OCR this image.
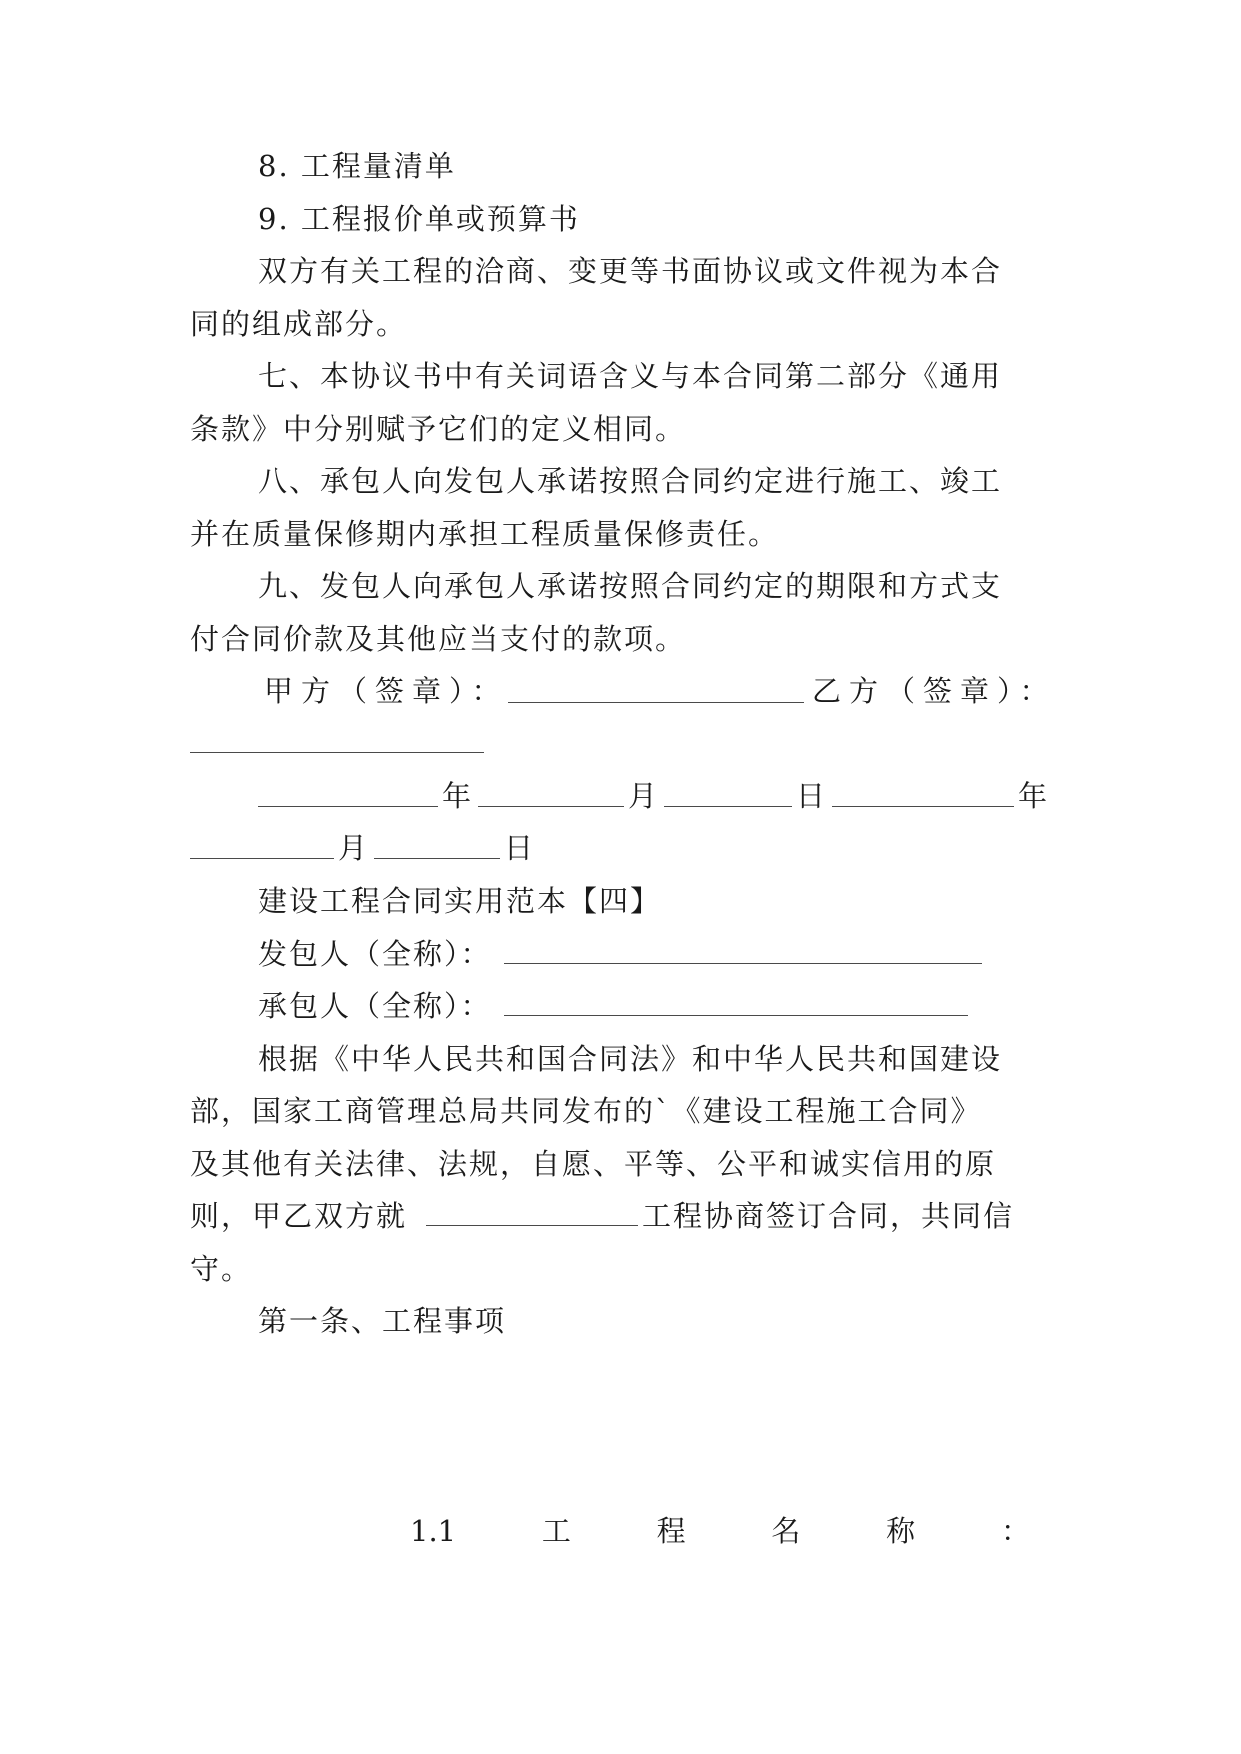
8. 工程量清单
9. 工程报价单或预算书
双方有关工程的洽商、变更等书面协议或文件视为本合
同的组成部分。
七、本协议书中有关词语含义与本合同第二部分《通用
条款》中分别赋予它们的定义相同。
八、承包人向发包人承诺按照合同约定进行施工、竣工
并在质量保修期内承担工程质量保修责任。
九、发包人向承包人承诺按照合同约定的期限和方式支
付合同价款及其他应当支付的款项。
甲方（签章）：	乙方（签章）：
年	月	日	年
月	日
建设工程合同实用范本【四】
发包人（全称）：
承包人（全称）：
根据《中华人民共和国合同法》和中华人民共和国建设
部，国家工商管理总局共同发布的`《建设工程施工合同》
及其他有关法律、法规，自愿、平等、公平和诚实信用的原
则，甲乙双方就	工程协商签订合同，共同信
守。
第一条、工程事项
1.1	工	程	名	称	：
